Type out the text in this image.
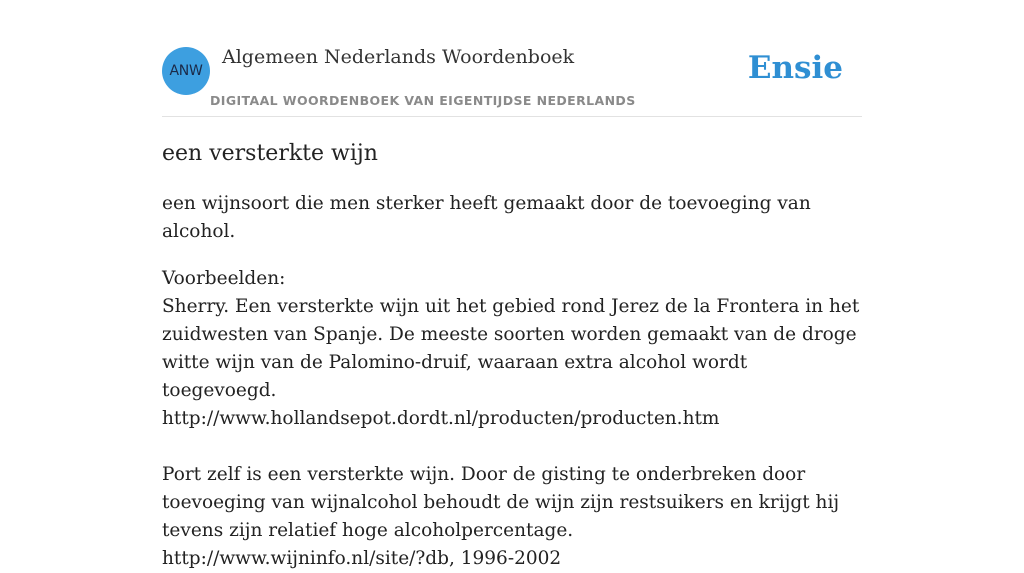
ANW
Algemeen Nederlands Woordenboek
DIGITAAL WOORDENBOEK VAN EIGENTIJDSE NEDERLANDS
Ensie
een versterkte wijn

een wijnsoort die men sterker heeft gemaakt door de toevoeging van alcohol.

Voorbeelden:

Sherry. Een versterkte wijn uit het gebied rond Jerez de la Frontera in het zuidwesten van Spanje. De meeste soorten worden gemaakt van de droge witte wijn van de Palomino-druif, waaraan extra alcohol wordt toegevoegd.
http://www.hollandsepot.dordt.nl/producten/producten.htm

Port zelf is een versterkte wijn. Door de gisting te onderbreken door toevoeging van wijnalcohol behoudt de wijn zijn restsuikers en krijgt hij tevens zijn relatief hoge alcoholpercentage.
http://www.wijninfo.nl/site/?db, 1996-2002
